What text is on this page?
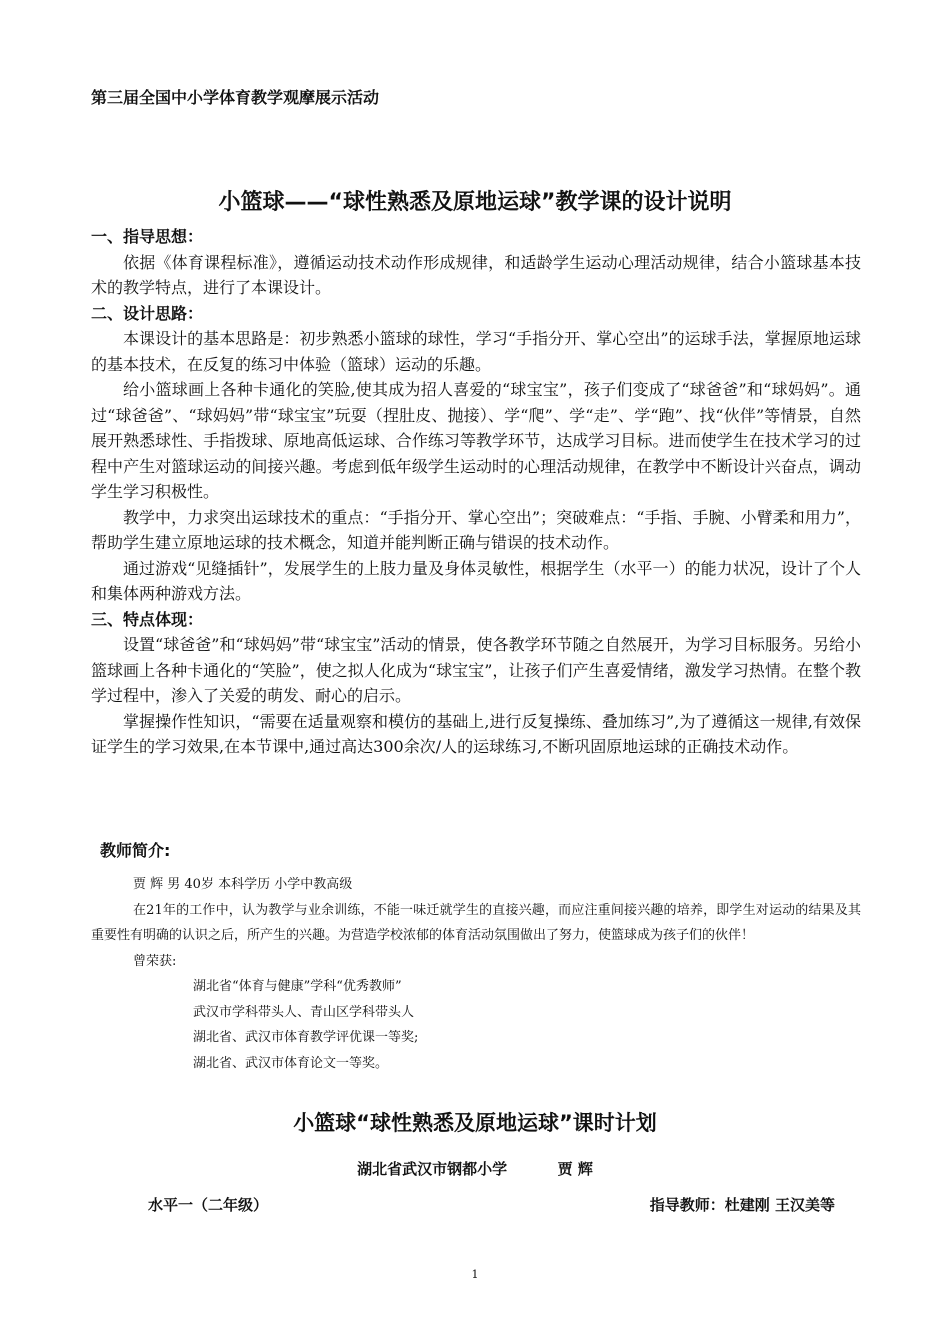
第三届全国中小学体育教学观摩展示活动
小篮球——“球性熟悉及原地运球”教学课的设计说明

一、指导思想：

依据《体育课程标准》，遵循运动技术动作形成规律，和适龄学生运动心理活动规律，结合小篮球基本技术的教学特点，进行了本课设计。

二、设计思路：

本课设计的基本思路是：初步熟悉小篮球的球性，学习“手指分开、掌心空出”的运球手法，掌握原地运球的基本技术，在反复的练习中体验（篮球）运动的乐趣。

给小篮球画上各种卡通化的笑脸,使其成为招人喜爱的“球宝宝”，孩子们变成了“球爸爸”和“球妈妈”。通过“球爸爸”、“球妈妈”带“球宝宝”玩耍（捏肚皮、抛接）、学“爬”、学“走”、学“跑”、找“伙伴”等情景，自然展开熟悉球性、手指拨球、原地高低运球、合作练习等教学环节，达成学习目标。进而使学生在技术学习的过程中产生对篮球运动的间接兴趣。考虑到低年级学生运动时的心理活动规律，在教学中不断设计兴奋点，调动学生学习积极性。

教学中，力求突出运球技术的重点：“手指分开、掌心空出”；突破难点：“手指、手腕、小臂柔和用力”，帮助学生建立原地运球的技术概念，知道并能判断正确与错误的技术动作。

通过游戏“见缝插针”，发展学生的上肢力量及身体灵敏性，根据学生（水平一）的能力状况，设计了个人和集体两种游戏方法。

三、特点体现：

设置“球爸爸”和“球妈妈”带“球宝宝”活动的情景，使各教学环节随之自然展开，为学习目标服务。另给小篮球画上各种卡通化的“笑脸”，使之拟人化成为“球宝宝”，让孩子们产生喜爱情绪，激发学习热情。在整个教学过程中，渗入了关爱的萌发、耐心的启示。

掌握操作性知识，“需要在适量观察和模仿的基础上,进行反复操练、叠加练习”,为了遵循这一规律,有效保证学生的学习效果,在本节课中,通过高达300余次/人的运球练习,不断巩固原地运球的正确技术动作。

教师简介:

贾 辉 男 40岁 本科学历 小学中教高级

在21年的工作中，认为教学与业余训练，不能一味迁就学生的直接兴趣，而应注重间接兴趣的培养，即学生对运动的结果及其重要性有明确的认识之后，所产生的兴趣。为营造学校浓郁的体育活动氛围做出了努力，使篮球成为孩子们的伙伴！

曾荣获:

湖北省“体育与健康”学科“优秀教师”

武汉市学科带头人、青山区学科带头人

湖北省、武汉市体育教学评优课一等奖;

湖北省、武汉市体育论文一等奖。

小篮球“球性熟悉及原地运球”课时计划
湖北省武汉市钢都小学	贾 辉
水平一（二年级）	指导教师：杜建刚 王汉美等
1
